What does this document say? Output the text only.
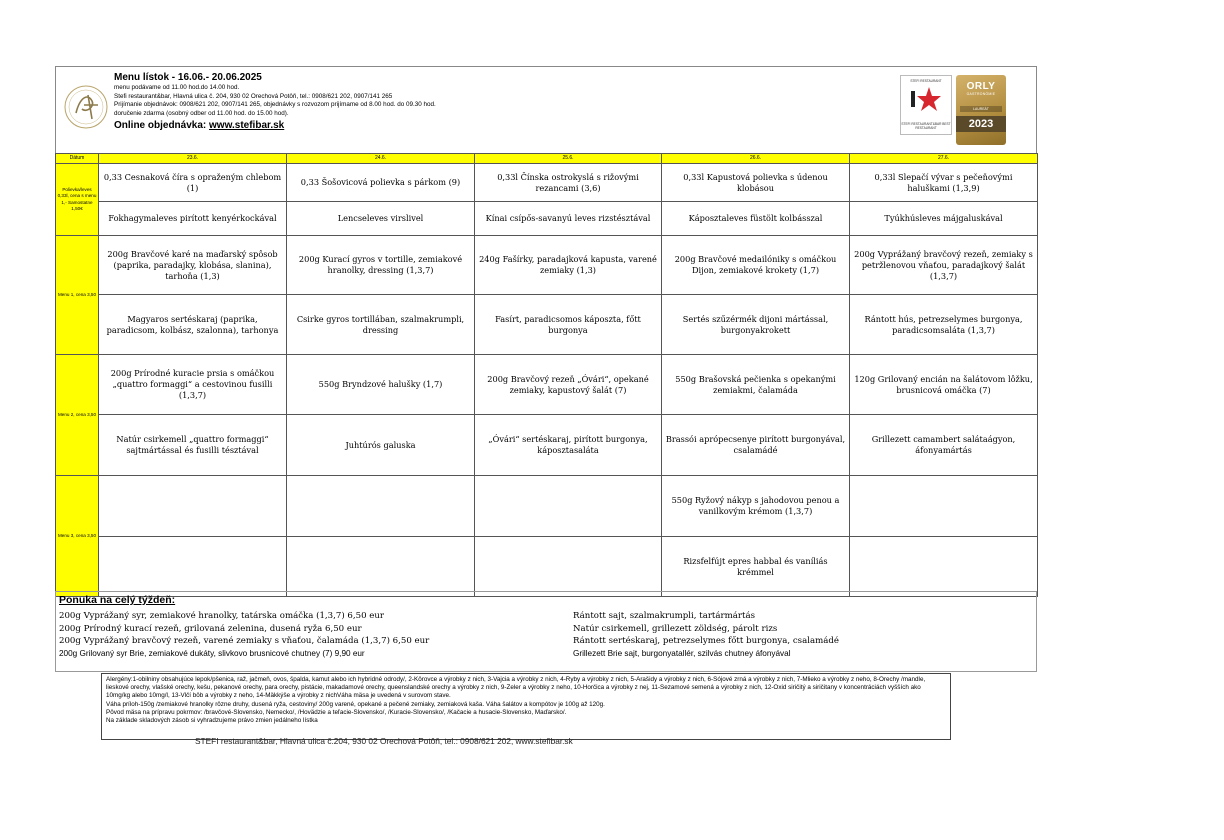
Menu lístok - 16.06.- 20.06.2025
menu podávame od 11.00 hod.do 14.00 hod.
Stefi restaurant&bar, Hlavná ulica č. 204, 930 02 Orechová Potôň, tel.: 0908/621 202, 0907/141 265
Prijímanie objednávok: 0908/621 202, 0907/141 265, objednávky s rozvozom prijímame od 8.00 hod. do 09.30 hod.
doručenie zdarma (osobný odber od 11.00 hod. do 15.00 hod).
Online objednávka: www.stefibar.sk
STEFI RESTAURANT
STEFI RESTAURANT&BAR BEST RESTAURANT
ORLY
GASTRONÓMIE
LAUREÁT
2023
Dátum	23.6.	24.6.	25.6.	26.6.	27.6.
Polievka/leves 0,33l, cena s menu 1,- Samostatne 1,50€	0,33 Cesnaková číra s opraženým chlebom (1)	0,33 Šošovicová polievka s párkom (9)	0,33l Čínska ostrokyslá s rižovými rezancami (3,6)	0,33l Kapustová polievka s údenou klobásou	0,33l Slepačí vývar s pečeňovými haluškami (1,3,9)
	Fokhagymaleves pirított kenyérkockával	Lencseleves virslivel	Kínai csípős-savanyú leves rizstésztával	Káposztaleves füstölt kolbásszal	Tyúkhúsleves májgaluskával
Menu 1, cena 3,50	200g Bravčové karé na maďarský spôsob (paprika, paradajky, klobása, slanina), tarhoňa (1,3)	200g Kurací gyros v tortille, zemiakové hranolky, dressing (1,3,7)	240g Fašírky, paradajková kapusta, varené zemiaky (1,3)	200g Bravčové medailóniky s omáčkou Dijon, zemiakové krokety (1,7)	200g Vyprážaný bravčový rezeň, zemiaky s petržlenovou vňaťou, paradajkový šalát (1,3,7)
	Magyaros sertéskaraj (paprika, paradicsom, kolbász, szalonna), tarhonya	Csirke gyros tortillában, szalmakrumpli, dressing	Fasírt, paradicsomos káposzta, főtt burgonya	Sertés szűzérmék dijoni mártással, burgonyakrokett	Rántott hús, petrezselymes burgonya, paradicsomsaláta (1,3,7)
Menu 2, cena 3,50	200g Prírodné kuracie prsia s omáčkou „quattro formaggi“ a cestovinou fusilli (1,3,7)	550g Bryndzové halušky (1,7)	200g Bravčový rezeň „Óvári“, opekané zemiaky, kapustový šalát (7)	550g Brašovská pečienka s opekanými zemiakmi, čalamáda	120g Grilovaný encián na šalátovom lôžku, brusnicová omáčka (7)
	Natúr csirkemell „quattro formaggi“ sajtmártással és fusilli tésztával	Juhtúrós galuska	„Óvári“ sertéskaraj, pirított burgonya, káposztasaláta	Brassói aprópecsenye pirított burgonyával, csalamádé	Grillezett camambert salátaágyon, áfonyamártás
Menu 3, cena 3,50				550g Ryžový nákyp s jahodovou penou a vanilkovým krémom (1,3,7)	
				Rizsfelfújt epres habbal és vaníliás krémmel	
Ponuka na celý týždeň:
200g Vyprážaný syr, zemiakové hranolky, tatárska omáčka (1,3,7) 6,50 eur
200g Prírodný kurací rezeň, grilovaná zelenina, dusená ryža 6,50 eur
200g Vyprážaný bravčový rezeň, varené zemiaky s vňaťou, čalamáda (1,3,7) 6,50 eur
200g Grilovaný syr Brie, zemiakové dukáty, slivkovo brusnicové chutney (7) 9,90 eur
Rántott sajt, szalmakrumpli, tartármártás
Natúr csirkemell, grillezett zöldség, párolt rizs
Rántott sertéskaraj, petrezselymes főtt burgonya, csalamádé
Grillezett Brie sajt, burgonyatallér, szilvás chutney áfonyával
Alergény:1-obilniny obsahujúce lepok/pšenica, raž, jačmeň, ovos, špalda, kamut alebo ich hybridné odrody/, 2-Kôrovce a výrobky z nich, 3-Vajcia a výrobky z nich, 4-Ryby a výrobky z nich, 5-Arašidy a výrobky z nich, 6-Sójové zrná a výrobky z nich, 7-Mlieko a výrobky z neho, 8-Orechy /mandle, lieskové orechy, vlašské orechy, kešu, pekanové orechy, para orechy, pistácie, makadamové orechy, queenslandské orechy a výrobky z nich, 9-Zeler a výrobky z neho, 10-Horčica a výrobky z nej, 11-Sezamové semená a výrobky z nich, 12-Oxid siričitý a siričitany v koncentráciách vyšších ako 10mg/kg alebo 10mg/l, 13-Vlčí bôb a výrobky z neho, 14-Mäkkýše a výrobky z nichVáha mäsa je uvedená v surovom stave.
Váha príloh-150g /zemiakové hranolky rôzne druhy, dusená ryža, cestoviny/ 200g varené, opekané a pečené zemiaky, zemiaková kaša. Váha šalátov a kompótov je 100g až 120g.
Pôvod mäsa na prípravu pokrmov: /bravčové-Slovensko, Nemecko/, /Hovädzie a teľacie-Slovensko/, /Kuracie-Slovensko/, /Kačacie a husacie-Slovensko, Maďarsko/.
Na základe skladových zásob si vyhradzujeme právo zmien jedálneho lístka
STEFI restaurant&bar, Hlavná ulica č.204, 930 02 Orechová Potôň, tel.: 0908/621 202, www.stefibar.sk
